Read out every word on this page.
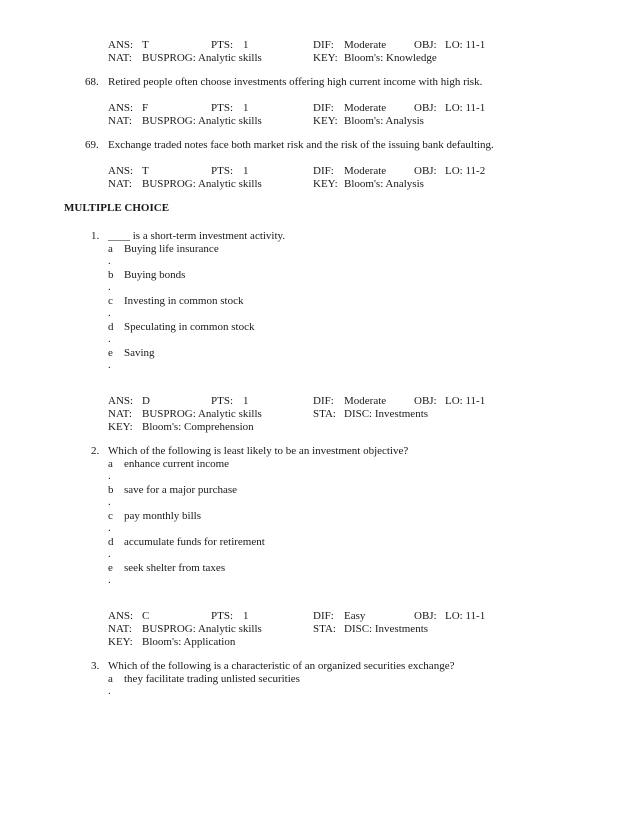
ANS: T	PTS: 1	DIF: Moderate	OBJ: LO: 11-1
NAT: BUSPROG: Analytic skills	KEY: Bloom's: Knowledge
68. Retired people often choose investments offering high current income with high risk.
ANS: F	PTS: 1	DIF: Moderate	OBJ: LO: 11-1
NAT: BUSPROG: Analytic skills	KEY: Bloom's: Analysis
69. Exchange traded notes face both market risk and the risk of the issuing bank defaulting.
ANS: T	PTS: 1	DIF: Moderate	OBJ: LO: 11-2
NAT: BUSPROG: Analytic skills	KEY: Bloom's: Analysis
MULTIPLE CHOICE
1. ____ is a short-term investment activity.
a Buying life insurance
.
b Buying bonds
.
c Investing in common stock
.
d Speculating in common stock
.
e Saving
.
ANS: D	PTS: 1	DIF: Moderate	OBJ: LO: 11-1
NAT: BUSPROG: Analytic skills	STA: DISC: Investments
KEY: Bloom's: Comprehension
2. Which of the following is least likely to be an investment objective?
a enhance current income
.
b save for a major purchase
.
c pay monthly bills
.
d accumulate funds for retirement
.
e seek shelter from taxes
.
ANS: C	PTS: 1	DIF: Easy	OBJ: LO: 11-1
NAT: BUSPROG: Analytic skills	STA: DISC: Investments
KEY: Bloom's: Application
3. Which of the following is a characteristic of an organized securities exchange?
a they facilitate trading unlisted securities
.
